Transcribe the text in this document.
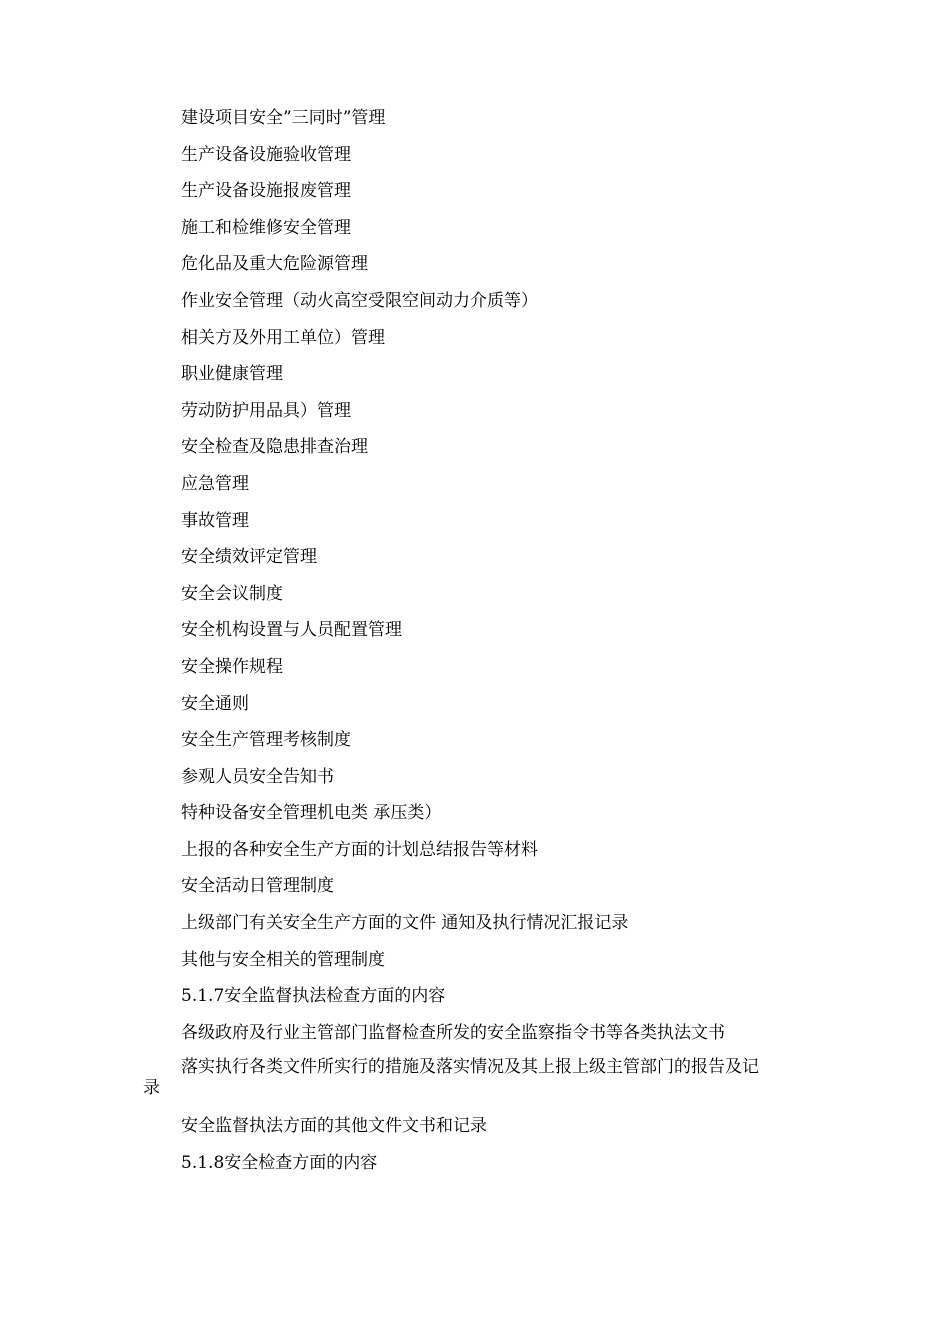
建设项目安全”三同时”管理
生产设备设施验收管理
生产设备设施报废管理
施工和检维修安全管理
危化品及重大危险源管理
作业安全管理（动火高空受限空间动力介质等）
相关方及外用工单位）管理
职业健康管理
劳动防护用品具）管理
安全检查及隐患排查治理
应急管理
事故管理
安全绩效评定管理
安全会议制度
安全机构设置与人员配置管理
安全操作规程
安全通则
安全生产管理考核制度
参观人员安全告知书
特种设备安全管理机电类 承压类）
上报的各种安全生产方面的计划总结报告等材料
安全活动日管理制度
上级部门有关安全生产方面的文件 通知及执行情况汇报记录
其他与安全相关的管理制度
5.1.7安全监督执法检查方面的内容
各级政府及行业主管部门监督检查所发的安全监察指令书等各类执法文书
落实执行各类文件所实行的措施及落实情况及其上报上级主管部门的报告及记
录
安全监督执法方面的其他文件文书和记录
5.1.8安全检查方面的内容
